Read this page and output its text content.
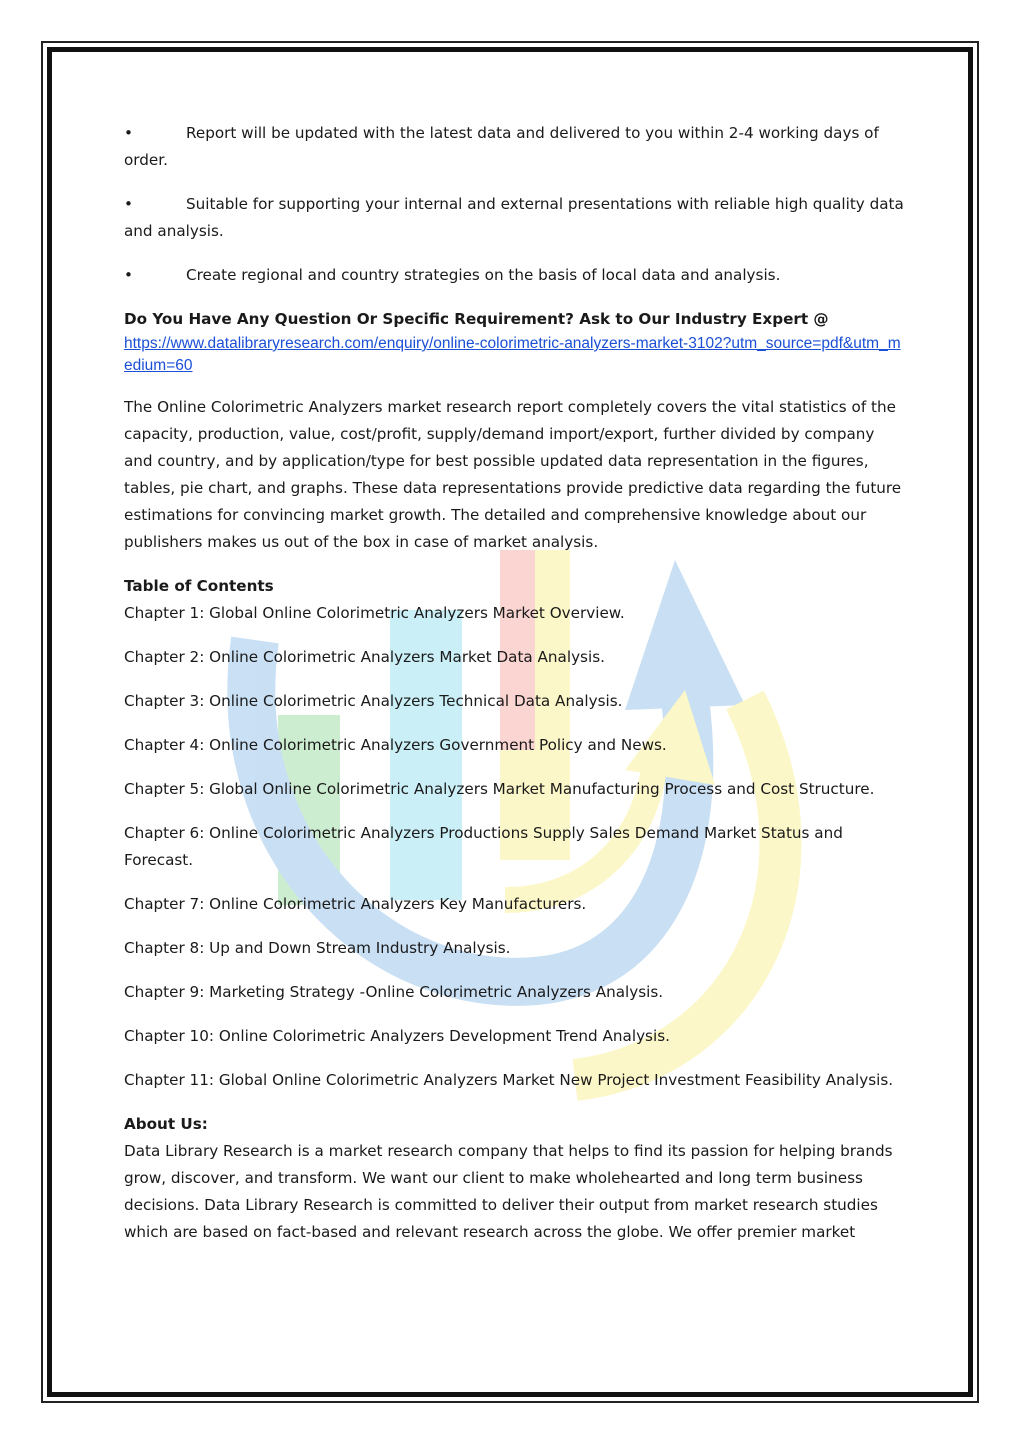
•	Report will be updated with the latest data and delivered to you within 2-4 working days of order.
•	Suitable for supporting your internal and external presentations with reliable high quality data and analysis.
•	Create regional and country strategies on the basis of local data and analysis.

Do You Have Any Question Or Specific Requirement? Ask to Our Industry Expert @

https://www.datalibraryresearch.com/enquiry/online-colorimetric-analyzers-market-3102?utm_source=pdf&utm_medium=60

The Online Colorimetric Analyzers market research report completely covers the vital statistics of the capacity, production, value, cost/profit, supply/demand import/export, further divided by company and country, and by application/type for best possible updated data representation in the figures, tables, pie chart, and graphs. These data representations provide predictive data regarding the future estimations for convincing market growth. The detailed and comprehensive knowledge about our publishers makes us out of the box in case of market analysis.

Table of Contents

Chapter 1: Global Online Colorimetric Analyzers Market Overview.

Chapter 2: Online Colorimetric Analyzers Market Data Analysis.

Chapter 3: Online Colorimetric Analyzers Technical Data Analysis.

Chapter 4: Online Colorimetric Analyzers Government Policy and News.

Chapter 5: Global Online Colorimetric Analyzers Market Manufacturing Process and Cost Structure.

Chapter 6: Online Colorimetric Analyzers Productions Supply Sales Demand Market Status and Forecast.

Chapter 7: Online Colorimetric Analyzers Key Manufacturers.

Chapter 8: Up and Down Stream Industry Analysis.

Chapter 9: Marketing Strategy -Online Colorimetric Analyzers Analysis.

Chapter 10: Online Colorimetric Analyzers Development Trend Analysis.

Chapter 11: Global Online Colorimetric Analyzers Market New Project Investment Feasibility Analysis.

About Us:

Data Library Research is a market research company that helps to find its passion for helping brands grow, discover, and transform. We want our client to make wholehearted and long term business decisions. Data Library Research is committed to deliver their output from market research studies which are based on fact-based and relevant research across the globe. We offer premier market
